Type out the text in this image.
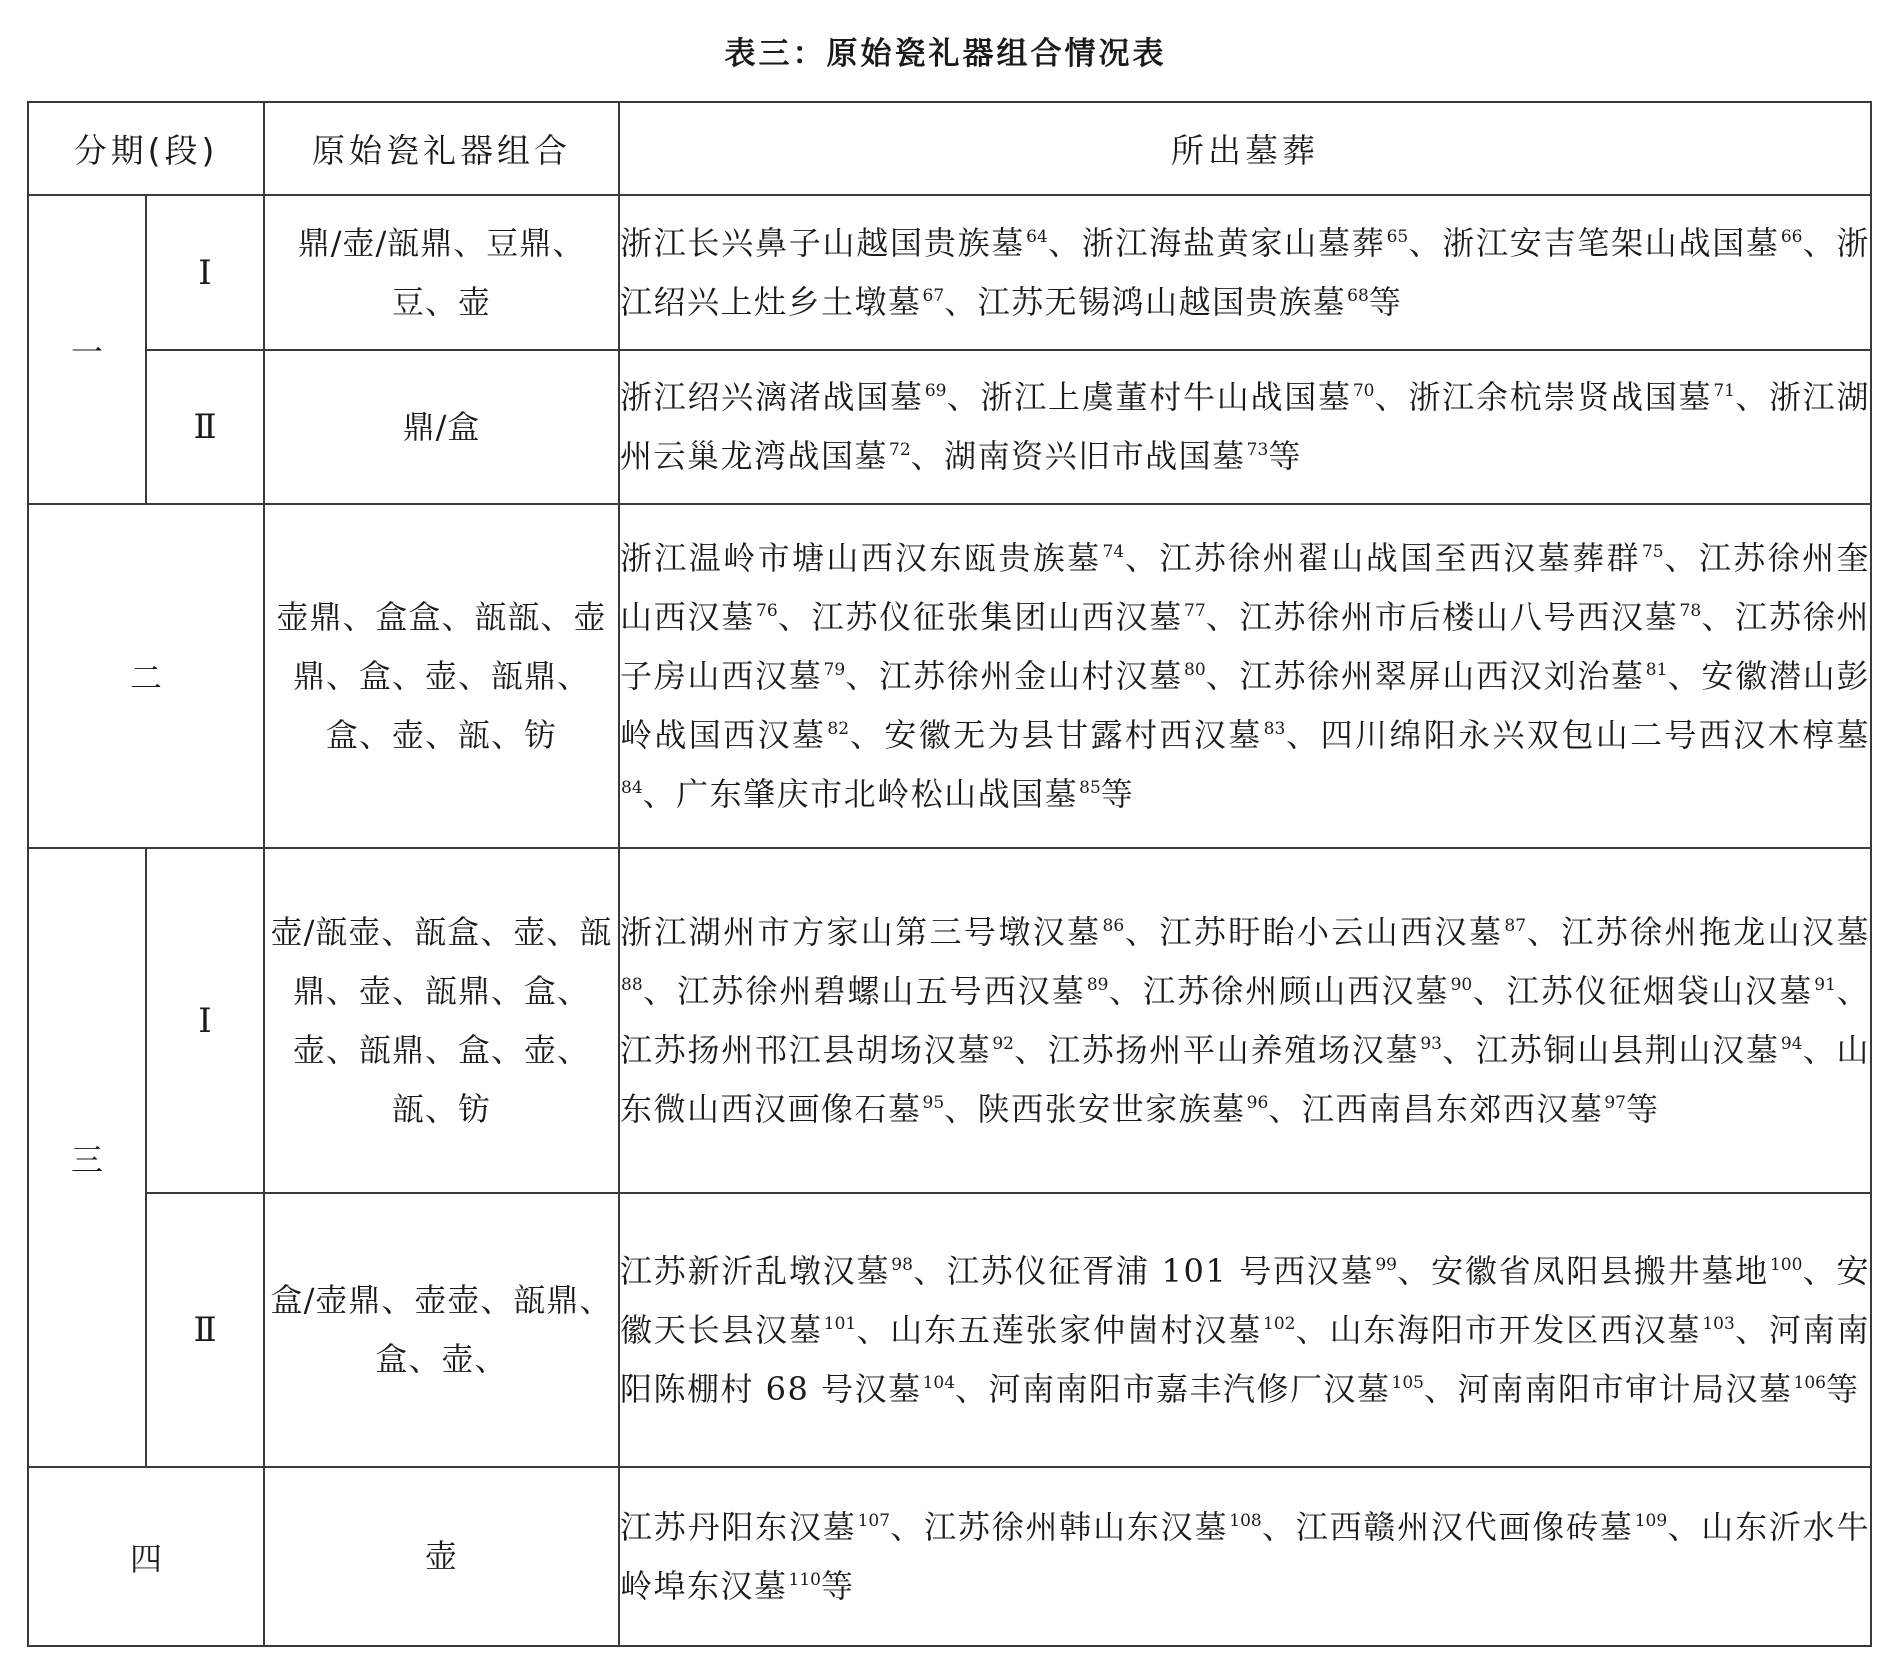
表三：原始瓷礼器组合情况表
分期(段)		原始瓷礼器组合	所出墓葬
一	Ⅰ	鼎/壶/瓿鼎、豆鼎、豆、壶	浙江长兴鼻子山越国贵族墓$^{64}$、浙江海盐黄家山墓葬$^{65}$、浙江安吉笔架山战国墓$^{66}$、浙江绍兴上灶乡土墩墓$^{67}$、江苏无锡鸿山越国贵族墓$^{68}$等
	Ⅱ	鼎/盒	浙江绍兴漓渚战国墓$^{69}$、浙江上虞董村牛山战国墓$^{70}$、浙江余杭崇贤战国墓$^{71}$、浙江湖州云巢龙湾战国墓$^{72}$、湖南资兴旧市战国墓$^{73}$等
二		壶鼎、盒盒、瓿瓿、壶鼎、盒、壶、瓿鼎、盒、壶、瓿、钫	浙江温岭市塘山西汉东瓯贵族墓$^{74}$、江苏徐州翟山战国至西汉墓葬群$^{75}$、江苏徐州奎山西汉墓$^{76}$、江苏仪征张集团山西汉墓$^{77}$、江苏徐州市后楼山八号西汉墓$^{78}$、江苏徐州子房山西汉墓$^{79}$、江苏徐州金山村汉墓$^{80}$、江苏徐州翠屏山西汉刘治墓$^{81}$、安徽潜山彭岭战国西汉墓$^{82}$、安徽无为县甘露村西汉墓$^{83}$、四川绵阳永兴双包山二号西汉木椁墓$^{84}$、广东肇庆市北岭松山战国墓$^{85}$等
三	Ⅰ	壶/瓿壶、瓿盒、壶、瓿鼎、壶、瓿鼎、盒、壶、瓿鼎、盒、壶、瓿、钫	浙江湖州市方家山第三号墩汉墓$^{86}$、江苏盱眙小云山西汉墓$^{87}$、江苏徐州拖龙山汉墓$^{88}$、江苏徐州碧螺山五号西汉墓$^{89}$、江苏徐州顾山西汉墓$^{90}$、江苏仪征烟袋山汉墓$^{91}$、江苏扬州邗江县胡场汉墓$^{92}$、江苏扬州平山养殖场汉墓$^{93}$、江苏铜山县荆山汉墓$^{94}$、山东微山西汉画像石墓$^{95}$、陕西张安世家族墓$^{96}$、江西南昌东郊西汉墓$^{97}$等
	Ⅱ	盒/壶鼎、壶壶、瓿鼎、盒、壶、	江苏新沂乱墩汉墓$^{98}$、江苏仪征胥浦 101 号西汉墓$^{99}$、安徽省凤阳县搬井墓地$^{100}$、安徽天长县汉墓$^{101}$、山东五莲张家仲崮村汉墓$^{102}$、山东海阳市开发区西汉墓$^{103}$、河南南阳陈棚村 68 号汉墓$^{104}$、河南南阳市嘉丰汽修厂汉墓$^{105}$、河南南阳市审计局汉墓$^{106}$等
四		壶	江苏丹阳东汉墓$^{107}$、江苏徐州韩山东汉墓$^{108}$、江西赣州汉代画像砖墓$^{109}$、山东沂水牛岭埠东汉墓$^{110}$等
